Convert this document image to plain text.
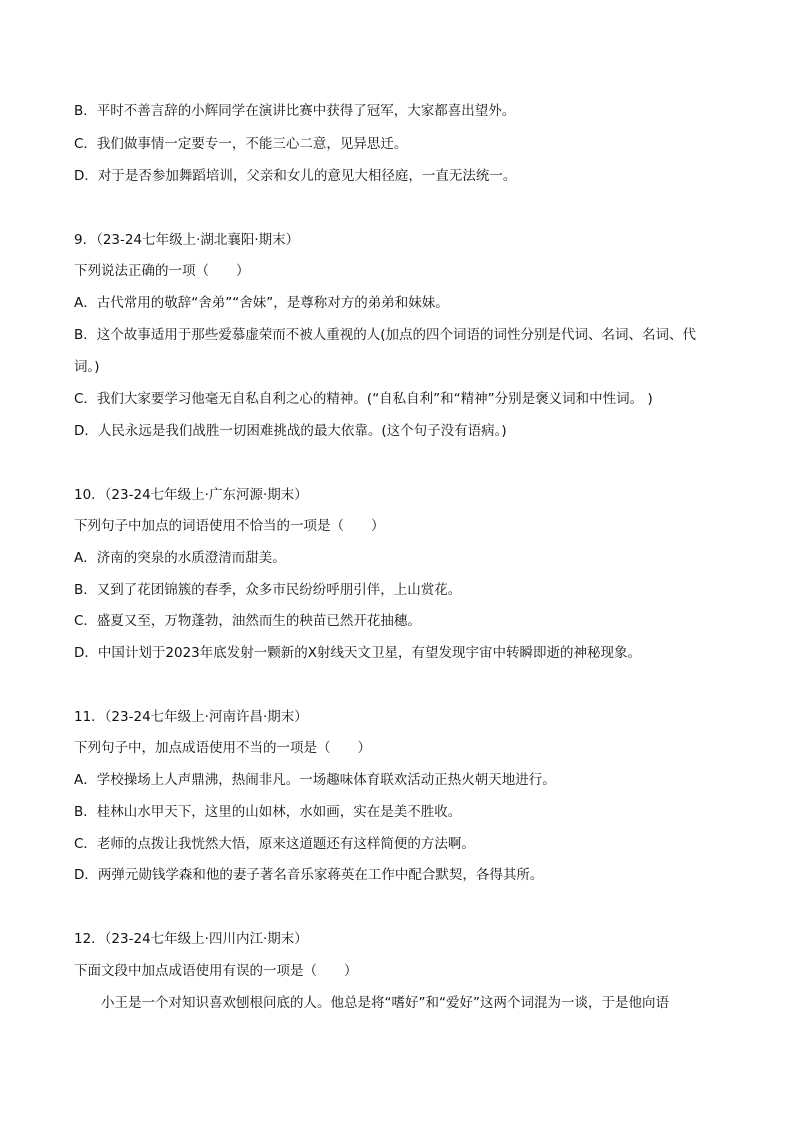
B．平时不善言辞的小辉同学在演讲比赛中获得了冠军，大家都喜出望外。
C．我们做事情一定要专一，不能三心二意，见异思迁。
D．对于是否参加舞蹈培训，父亲和女儿的意见大相径庭，一直无法统一。
9．（23-24七年级上·湖北襄阳·期末）
下列说法正确的一项（　　）
A．古代常用的敬辞“舍弟”“舍妹”，是尊称对方的弟弟和妹妹。
B．这个故事适用于那些爱慕虚荣而不被人重视的人(加点的四个词语的词性分别是代词、名词、名词、代
词。)
C．我们大家要学习他毫无自私自利之心的精神。(“自私自利”和“精神”分别是褒义词和中性词。 )
D．人民永远是我们战胜一切困难挑战的最大依靠。(这个句子没有语病。)
10．（23-24七年级上·广东河源·期末）
下列句子中加点的词语使用不恰当的一项是（　　）
A．济南的突泉的水质澄清而甜美。
B．又到了花团锦簇的春季，众多市民纷纷呼朋引伴，上山赏花。
C．盛夏又至，万物蓬勃，油然而生的秧苗已然开花抽穗。
D．中国计划于2023年底发射一颗新的X射线天文卫星，有望发现宇宙中转瞬即逝的神秘现象。
11．（23-24七年级上·河南许昌·期末）
下列句子中，加点成语使用不当的一项是（　　）
A．学校操场上人声鼎沸，热闹非凡。一场趣味体育联欢活动正热火朝天地进行。
B．桂林山水甲天下，这里的山如林，水如画，实在是美不胜收。
C．老师的点拨让我恍然大悟，原来这道题还有这样简便的方法啊。
D．两弹元勋钱学森和他的妻子著名音乐家蒋英在工作中配合默契，各得其所。
12．（23-24七年级上·四川内江·期末）
下面文段中加点成语使用有误的一项是（　　）
小王是一个对知识喜欢刨根问底的人。他总是将“嗜好”和“爱好”这两个词混为一谈，于是他向语
